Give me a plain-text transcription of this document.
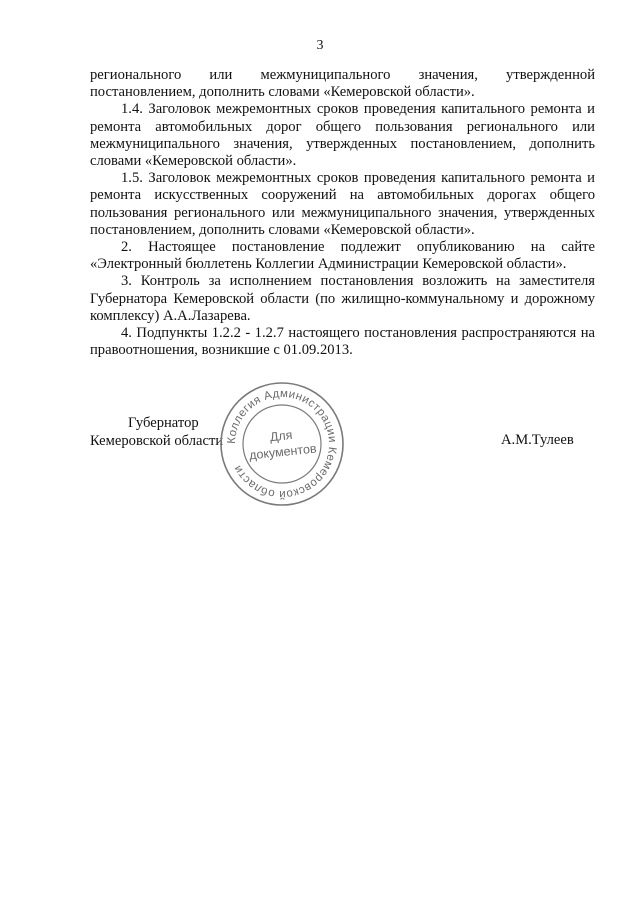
3

регионального или межмуниципального значения, утвержденной постановлением, дополнить словами «Кемеровской области».

1.4. Заголовок межремонтных сроков проведения капитального ремонта и ремонта автомобильных дорог общего пользования регионального или межмуниципального значения, утвержденных постановлением, дополнить словами «Кемеровской области».

1.5. Заголовок межремонтных сроков проведения капитального ремонта и ремонта искусственных сооружений на автомобильных дорогах общего пользования регионального или межмуниципального значения, утвержденных постановлением, дополнить словами «Кемеровской области».

2. Настоящее постановление подлежит опубликованию на сайте «Электронный бюллетень Коллегии Администрации Кемеровской области».

3. Контроль за исполнением постановления возложить на заместителя Губернатора Кемеровской области (по жилищно-коммунальному и дорожному комплексу) А.А.Лазарева.

4. Подпункты 1.2.2 - 1.2.7 настоящего постановления распространяются на правоотношения, возникшие с 01.09.2013.

Губернатор
Кемеровской области	А.М.Тулеев
Коллегия Администрации Кемеровской области
Для
документов
